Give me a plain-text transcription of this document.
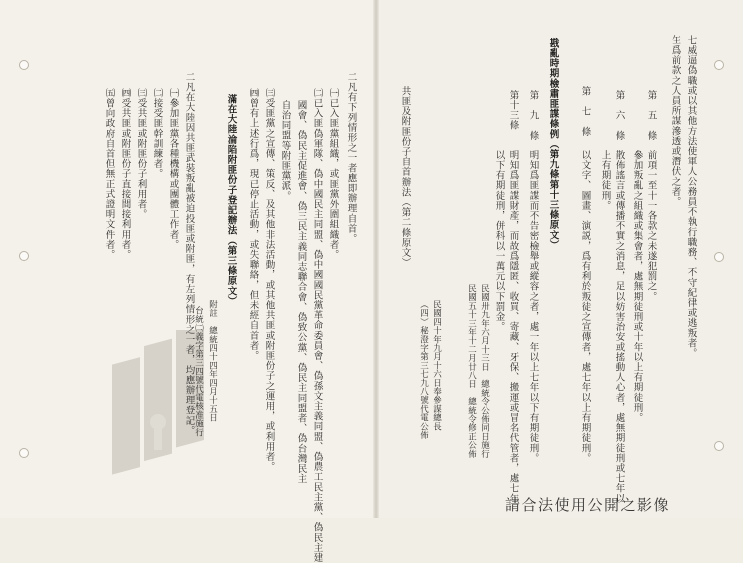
七威逼偽職或以其他方法使軍人公務員不執行職務、不守紀律或逃叛者。
玍爲前款之人員所謀滲透或潛伏之者。
第　五　條
前項一至十一各款之未遂犯罰之。
參加叛亂之組織或集會者，處無期徒刑或十年以上有期徒刑。
第　六　條
散佈謠言或傳播不實之消息，足以妨害治安或搖動人心者，處無期徒刑或七年以
上有期徒刑。
第　七　條
以文字、圖畫、演説，爲有利於叛徒之宣傳者，處七年以上有期徒刑。
戡亂時期檢肅匪諜條例（第九條第十三條原文）
第　九　條
明知爲匪諜而不告密檢舉或縱容之者，處一年以上七年以下有期徒刑。
第十三條
明知爲匪諜財產，而故爲隱匿、收買、寄藏、牙保、搬運或冒名代管者，處七年
以下有期徒刑，併科以一萬元以下罰金。
民國卅九年六月十三日　總統令公佈同日施行
民國五十三年十二月廿八日　總統令修正公佈
民國四十年九月十六日奉參謀總長
（四）秘澄字第三七九八號代電公佈
共匪及附匪份子自首辦法（第二條原文）
二凡有下列情形之一者應即辦理自首。
㈠已入匪黨組織，或匪黨外圍組織者。
㈡已入匪偽軍隊、偽中國民主同盟、偽中國國民黨革命委員會、偽孫文主義同盟、偽農工民主黨、偽民主建
國會、偽民主促進會、偽三民主義同志聯合會、偽致公黨、偽民主同盟者、偽台灣民主
自治同盟等附匪黨派。
㈢受匪黨之宣傳、策反、及其他非法活動，或其他共匪或附匪份子之運用，或利用者。
㈣曾有上述行爲，現已停止活動，或失聯絡，但未經自首者。
滿在大陸淪陷附匪份子登記辦法（第三條原文）
二凡在大陸因共匪武裝叛亂被迫投匪或附匪，有左列情形之一者，均應辦理登記。
㈠參加匪黨各種機構或團體工作者。
㈡接受匪幹訓練者。
㈢受共匪或附匪份子利用者。
㈣受共匪或附匪份子直接間接利用者。
㈤曾向政府自首但無正式證明文件者。
附註　總統四十四年四月十五日
台統㈡義字第三四號代電核准施行
請合法使用公開之影像
